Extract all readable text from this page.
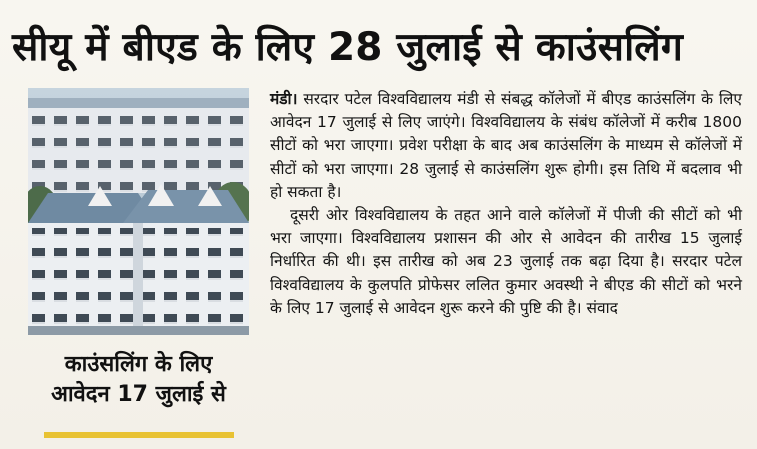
सीयू में बीएड के लिए 28 जुलाई से काउंसलिंग
काउंसलिंग के लिए
आवेदन 17 जुलाई से

मंडी। सरदार पटेल विश्वविद्यालय मंडी से संबद्ध कॉलेजों में बीएड काउंसलिंग के लिए आवेदन 17 जुलाई से लिए जाएंगे। विश्वविद्यालय के संबंध कॉलेजों में करीब 1800 सीटों को भरा जाएगा। प्रवेश परीक्षा के बाद अब काउंसलिंग के माध्यम से कॉलेजों में सीटों को भरा जाएगा। 28 जुलाई से काउंसलिंग शुरू होगी। इस तिथि में बदलाव भी हो सकता है।

दूसरी ओर विश्वविद्यालय के तहत आने वाले कॉलेजों में पीजी की सीटों को भी भरा जाएगा। विश्वविद्यालय प्रशासन की ओर से आवेदन की तारीख 15 जुलाई निर्धारित की थी। इस तारीख को अब 23 जुलाई तक बढ़ा दिया है। सरदार पटेल विश्वविद्यालय के कुलपति प्रोफेसर ललित कुमार अवस्थी ने बीएड की सीटों को भरने के लिए 17 जुलाई से आवेदन शुरू करने की पुष्टि की है। संवाद
